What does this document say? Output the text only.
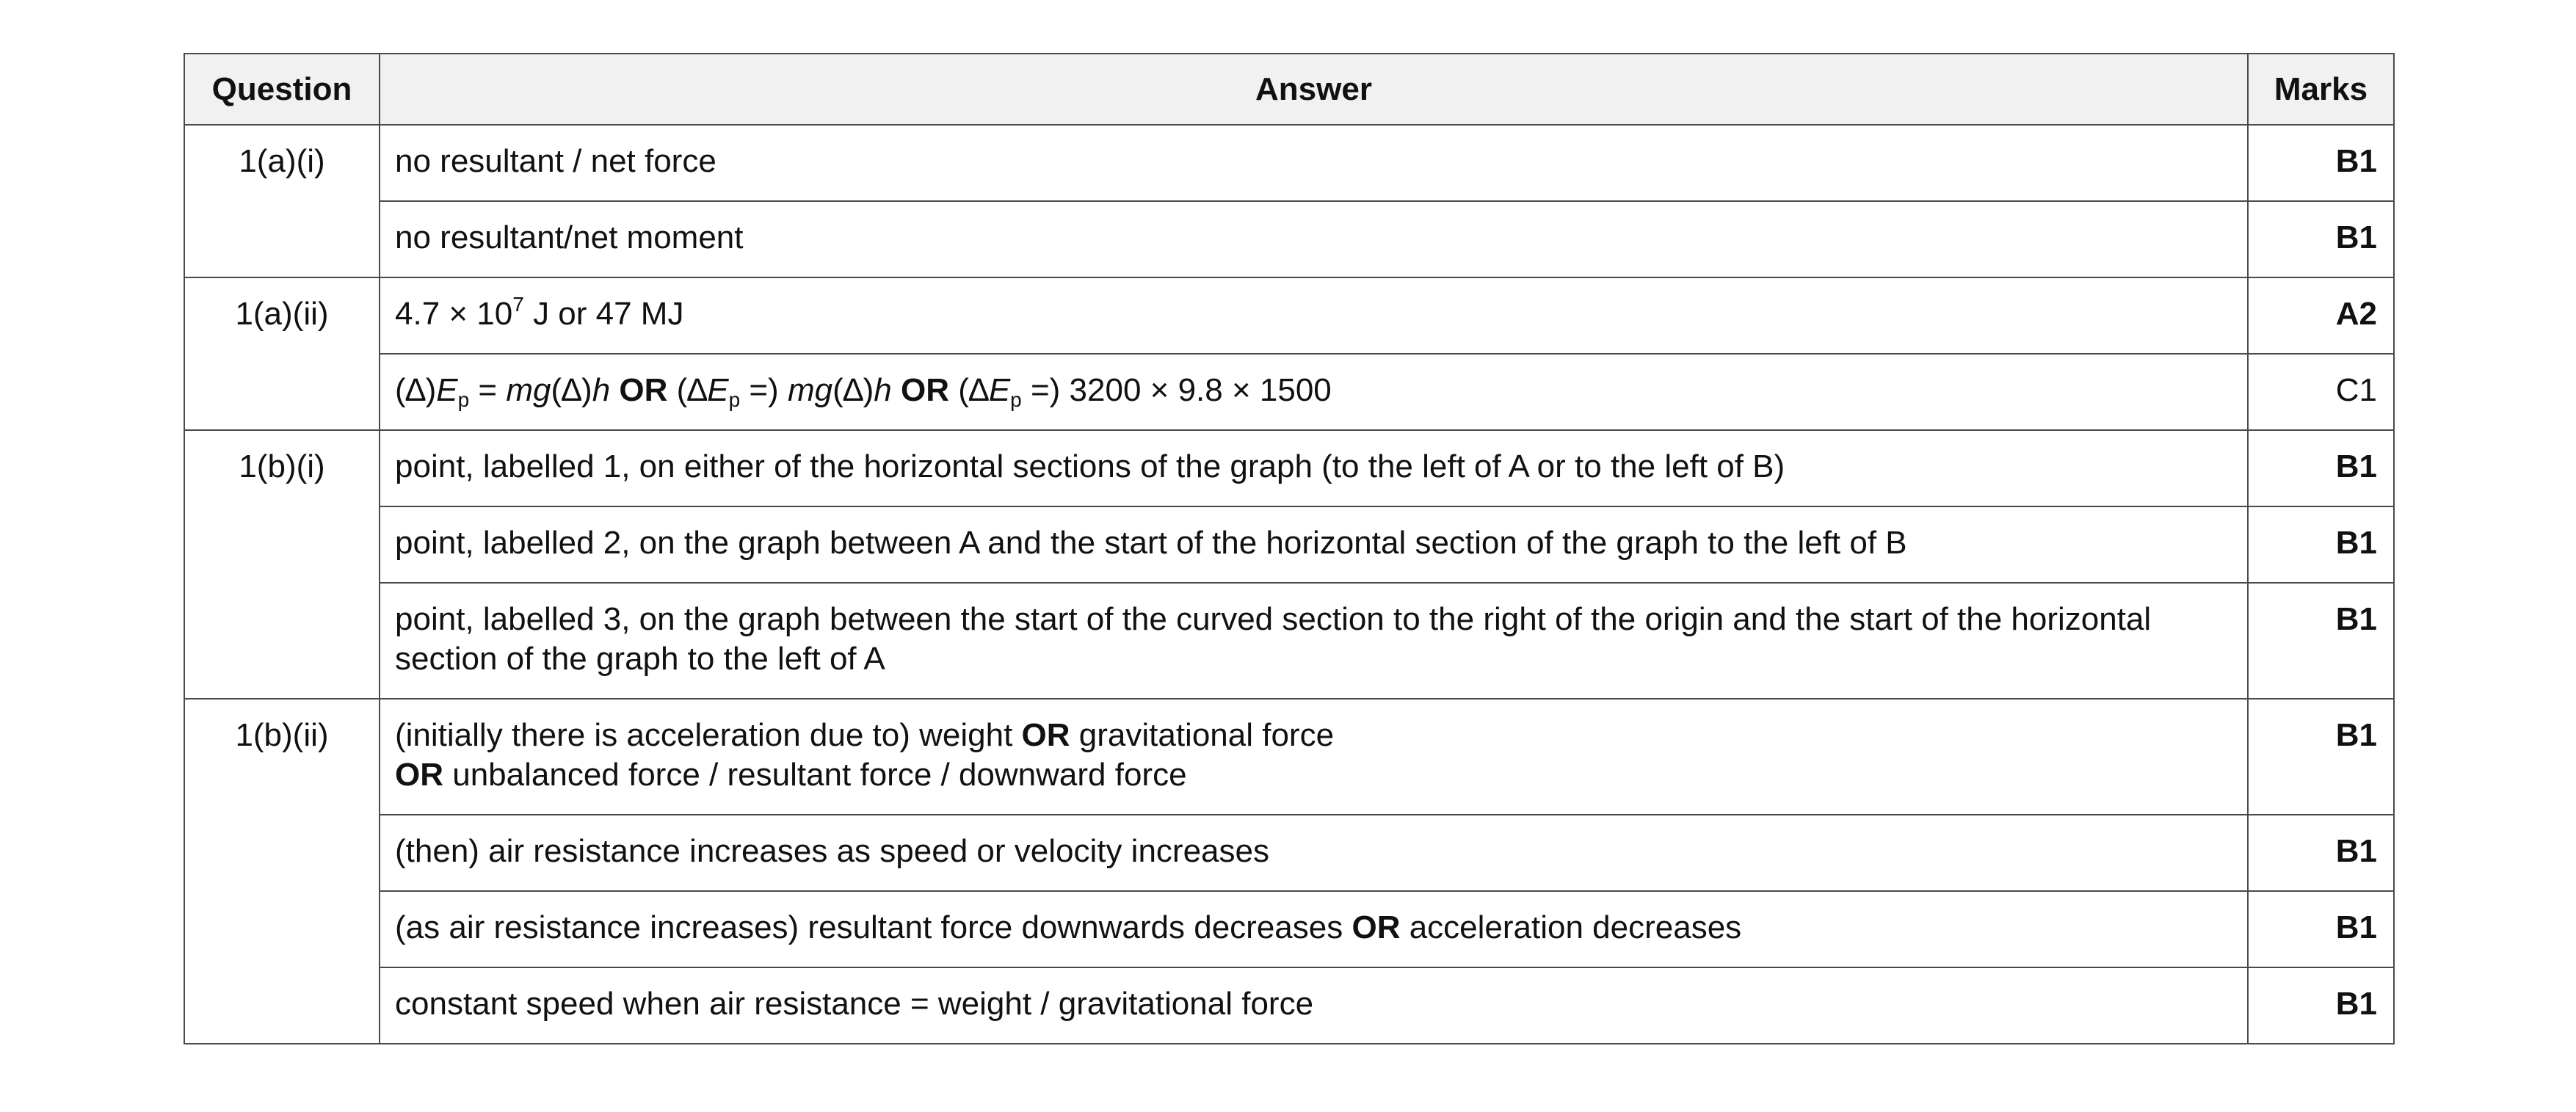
Question	Answer	Marks
1(a)(i)	no resultant / net force	B1
	no resultant/net moment	B1
1(a)(ii)	$4.7 \times 10^7$ J or 47 MJ	A2
	$(\Delta)E_p = mg(\Delta)h$ OR ($\Delta E_p$ =) mg(∆)h OR ($\Delta E_p$ =) 3200 × 9.8 × 1500	C1
1(b)(i)	point, labelled 1, on either of the horizontal sections of the graph (to the left of A or to the left of B)	B1
	point, labelled 2, on the graph between A and the start of the horizontal section of the graph to the left of B	B1
	point, labelled 3, on the graph between the start of the curved section to the right of the origin and the start of the horizontal section of the graph to the left of A	B1
1(b)(ii)	(initially there is acceleration due to) weight OR gravitational force
OR unbalanced force / resultant force / downward force	B1
	(then) air resistance increases as speed or velocity increases	B1
	(as air resistance increases) resultant force downwards decreases OR acceleration decreases	B1
	constant speed when air resistance = weight / gravitational force	B1
